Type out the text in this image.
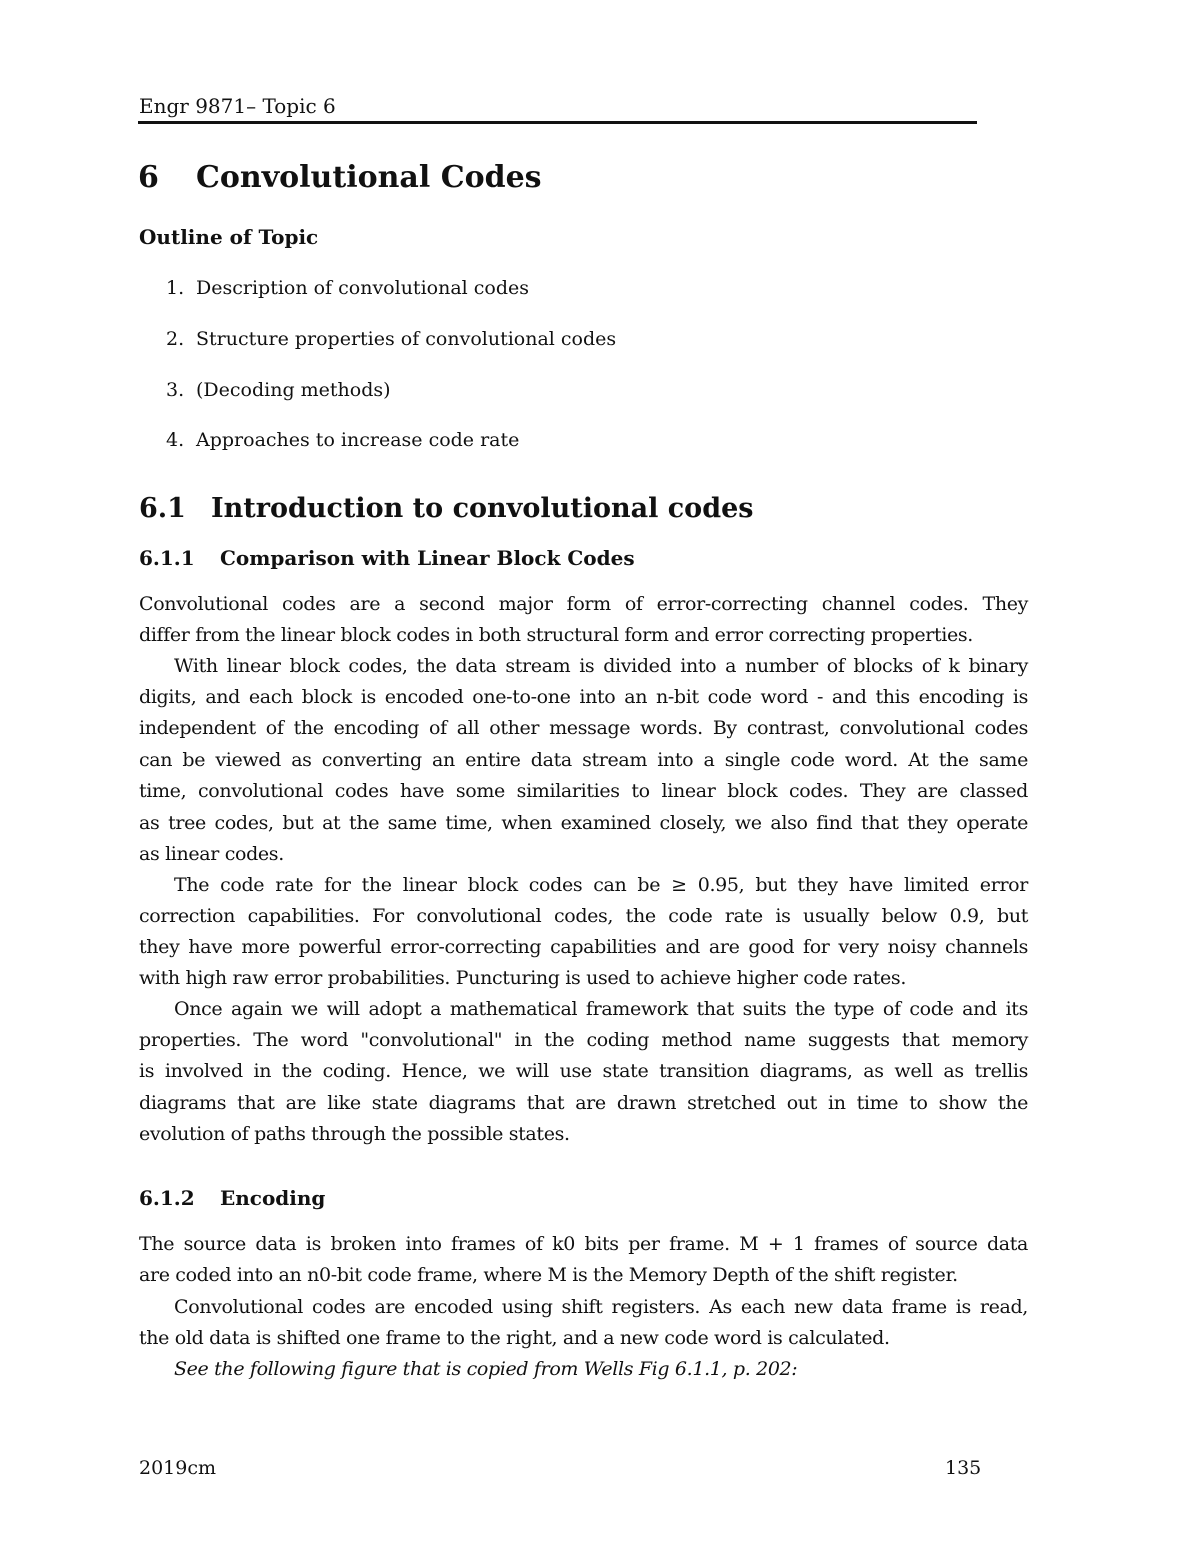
Engr 9871– Topic 6
6 Convolutional Codes
Outline of Topic
1. Description of convolutional codes
2. Structure properties of convolutional codes
3. (Decoding methods)
4. Approaches to increase code rate
6.1 Introduction to convolutional codes
6.1.1 Comparison with Linear Block Codes
Convolutional codes are a second major form of error-correcting channel codes. They
differ from the linear block codes in both structural form and error correcting properties.
With linear block codes, the data stream is divided into a number of blocks of k binary
digits, and each block is encoded one-to-one into an n-bit code word - and this encoding is
independent of the encoding of all other message words. By contrast, convolutional codes
can be viewed as converting an entire data stream into a single code word. At the same
time, convolutional codes have some similarities to linear block codes. They are classed
as tree codes, but at the same time, when examined closely, we also find that they operate
as linear codes.
The code rate for the linear block codes can be ≥ 0.95, but they have limited error
correction capabilities. For convolutional codes, the code rate is usually below 0.9, but
they have more powerful error-correcting capabilities and are good for very noisy channels
with high raw error probabilities. Puncturing is used to achieve higher code rates.
Once again we will adopt a mathematical framework that suits the type of code and its
properties. The word "convolutional" in the coding method name suggests that memory
is involved in the coding. Hence, we will use state transition diagrams, as well as trellis
diagrams that are like state diagrams that are drawn stretched out in time to show the
evolution of paths through the possible states.
6.1.2 Encoding
The source data is broken into frames of k0 bits per frame. M + 1 frames of source data
are coded into an n0-bit code frame, where M is the Memory Depth of the shift register.
Convolutional codes are encoded using shift registers. As each new data frame is read,
the old data is shifted one frame to the right, and a new code word is calculated.
See the following figure that is copied from Wells Fig 6.1.1, p. 202:
2019cm	135
